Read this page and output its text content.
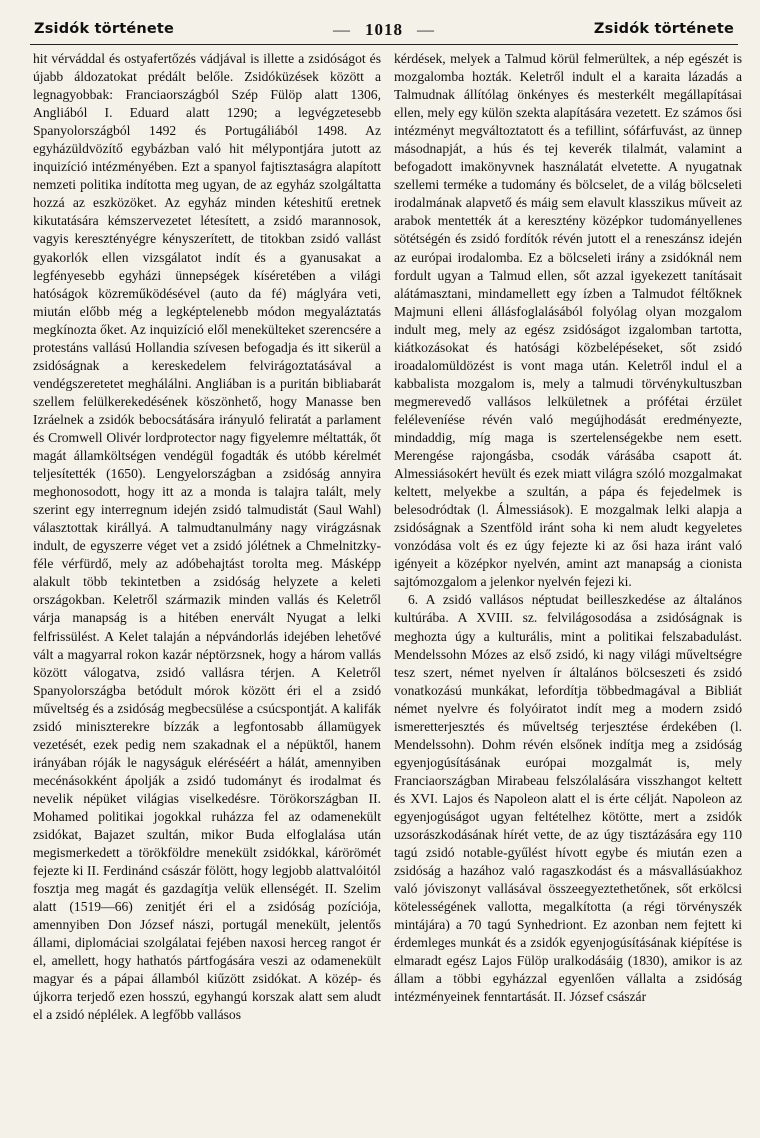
Zsidók története	— 1018 —	Zsidók története

hit vérváddal és ostyafertőzés vádjával is illette a zsidóságot és újabb áldozatokat prédált belőle. Zsidóküzések között a legnagyobbak: Franciaországból Szép Fülöp alatt 1306, Angliából I. Eduard alatt 1290; a legvégzetesebb Spanyolországból 1492 és Portugáliából 1498. Az egyházüldvözítő egybázban való hit mélypontjára jutott az inquizíció intézményében. Ezt a spanyol fajtisztaságra alapított nemzeti politika indította meg ugyan, de az egyház szolgáltatta hozzá az eszközöket. Az egyház minden kéteshitű eretnek kikutatására kémszervezetet létesített, a zsidó marannosok, vagyis keresztényégre kényszerített, de titokban zsidó vallást gyakorlók ellen vizsgálatot indít és a gyanusakat a legfényesebb egyházi ünnepségek kíséretében a világi hatóságok közreműködésével (auto da fé) máglyára veti, miután előbb még a legképtelenebb módon megyaláztatás megkínozta őket. Az inquizíció elől menekülteket szerencsére a protestáns vallású Hollandia szívesen befogadja és itt sikerül a zsidóságnak a kereskedelem felvirágoztatásával a vendégszeretetet meghálálni. Angliában is a puritán bibliabarát szellem felülkerekedésének köszönhető, hogy Manasse ben Izráelnek a zsidók bebocsátására irányuló feliratát a parlament és Cromwell Olivér lordprotector nagy figyelemre méltatták, őt magát államköltségen vendégül fogadták és utóbb kérelmét teljesítették (1650). Lengyelországban a zsidóság annyira meghonosodott, hogy itt az a monda is talajra talált, mely szerint egy interregnum idején zsidó talmudistát (Saul Wahl) választottak királlyá. A talmudtanulmány nagy virágzásnak indult, de egyszerre véget vet a zsidó jólétnek a Chmelnitzky-féle vérfürdő, mely az adóbehajtást torolta meg. Másképp alakult több tekintetben a zsidóság helyzete a keleti országokban. Keletről származik minden vallás és Keletről várja manapság is a hitében enervált Nyugat a lelki felfrissülést. A Kelet talaján a népvándorlás idejében lehetővé vált a magyarral rokon kazár néptörzsnek, hogy a három vallás között válogatva, zsidó vallásra térjen. A Keletről Spanyolországba betódult mórok között éri el a zsidó műveltség és a zsidóság megbecsülése a csúcspontját. A kalifák zsidó miniszterekre bízzák a legfontosabb államügyek vezetését, ezek pedig nem szakadnak el a népüktől, hanem irányában róják le nagyságuk eléréséért a hálát, amennyiben mecénásokként ápolják a zsidó tudományt és irodalmat és nevelik népüket világias viselkedésre. Törökországban II. Mohamed politikai jogokkal ruházza fel az odamenekült zsidókat, Bajazet szultán, mikor Buda elfoglalása után megismerkedett a törökföldre menekült zsidókkal, kárörömét fejezte ki II. Ferdinánd császár fölött, hogy legjobb alattvalóitól fosztja meg magát és gazdagítja velük ellenségét. II. Szelim alatt (1519—66) zenitjét éri el a zsidóság pozíciója, amennyiben Don József nászi, portugál menekült, jelentős állami, diplomáciai szolgálatai fejében naxosi herceg rangot ér el, amellett, hogy hathatós pártfogására veszi az odamenekült magyar és a pápai államból kiűzött zsidókat. A közép- és újkorra terjedő ezen hosszú, egyhangú korszak alatt sem aludt el a zsidó néplélek. A legfőbb vallásos

kérdések, melyek a Talmud körül felmerültek, a nép egészét is mozgalomba hozták. Keletről indult el a karaita lázadás a Talmudnak állítólag önkényes és mesterkélt megállapításai ellen, mely egy külön szekta alapítására vezetett. Ez számos ősi intézményt megváltoztatott és a tefillint, sófárfuvást, az ünnep másodnapját, a hús és tej keverék tilalmát, valamint a befogadott imakönyvnek használatát elvetette. A nyugatnak szellemi terméke a tudomány és bölcselet, de a világ bölcseleti irodalmának alapvető és máig sem elavult klasszikus műveit az arabok mentették át a keresztény középkor tudományellenes sötétségén és zsidó fordítók révén jutott el a reneszánsz idején az európai irodalomba. Ez a bölcseleti irány a zsidóknál nem fordult ugyan a Talmud ellen, sőt azzal igyekezett tanításait alátámasztani, mindamellett egy ízben a Talmudot féltőknek Majmuni elleni állásfoglalásából folyólag olyan mozgalom indult meg, mely az egész zsidóságot izgalomban tartotta, kiátkozásokat és hatósági közbelépéseket, sőt zsidó iroadalomüldözést is vont maga után. Keletről indul el a kabbalista mozgalom is, mely a talmudi törvénykultuszban megmerevedő vallásos lelkületnek a prófétai érzület feléleveníése révén való megújhodását eredményezte, mindaddig, míg maga is szertelenségekbe nem esett. Merengése rajongásba, csodák várásába csapott át. Almessiásokért hevült és ezek miatt világra szóló mozgalmakat keltett, melyekbe a szultán, a pápa és fejedelmek is belesodródtak (l. Álmessiások). E mozgalmak lelki alapja a zsidóságnak a Szentföld iránt soha ki nem aludt kegyeletes vonzódása volt és ez úgy fejezte ki az ősi haza iránt való igényeit a középkor nyelvén, amint azt manapság a cionista sajtómozgalom a jelenkor nyelvén fejezi ki.

6. A zsidó vallásos néptudat beilleszkedése az általános kultúrába. A XVIII. sz. felvilágosodása a zsidóságnak is meghozta úgy a kulturális, mint a politikai felszabadulást. Mendelssohn Mózes az első zsidó, ki nagy világi műveltségre tesz szert, német nyelven ír általános bölcseszeti és zsidó vonatkozású munkákat, lefordítja többedmagával a Bibliát német nyelvre és folyóiratot indít meg a modern zsidó ismeretterjesztés és műveltség terjesztése érdekében (l. Mendelssohn). Dohm révén elsőnek indítja meg a zsidóság egyenjogúsításának európai mozgalmát is, mely Franciaországban Mirabeau felszólalására visszhangot keltett és XVI. Lajos és Napoleon alatt el is érte célját. Napoleon az egyenjogúságot ugyan feltételhez kötötte, mert a zsidók uzsorászkodásának hírét vette, de az úgy tisztázására egy 110 tagú zsidó notable-gyűlést hívott egybe és miután ezen a zsidóság a hazához való ragaszkodást és a másvallásúakhoz való jóviszonyt vallásával összeegyeztethetőnek, sőt erkölcsi kötelességének vallotta, megalkította (a régi törvényszék mintájára) a 70 tagú Synhedriont. Ez azonban nem fejtett ki érdemleges munkát és a zsidók egyenjogúsításának kiépítése is elmaradt egész Lajos Fülöp uralkodásáig (1830), amikor is az állam a többi egyházzal egyenlően vállalta a zsidóság intézményeinek fenntartását. II. József császár
